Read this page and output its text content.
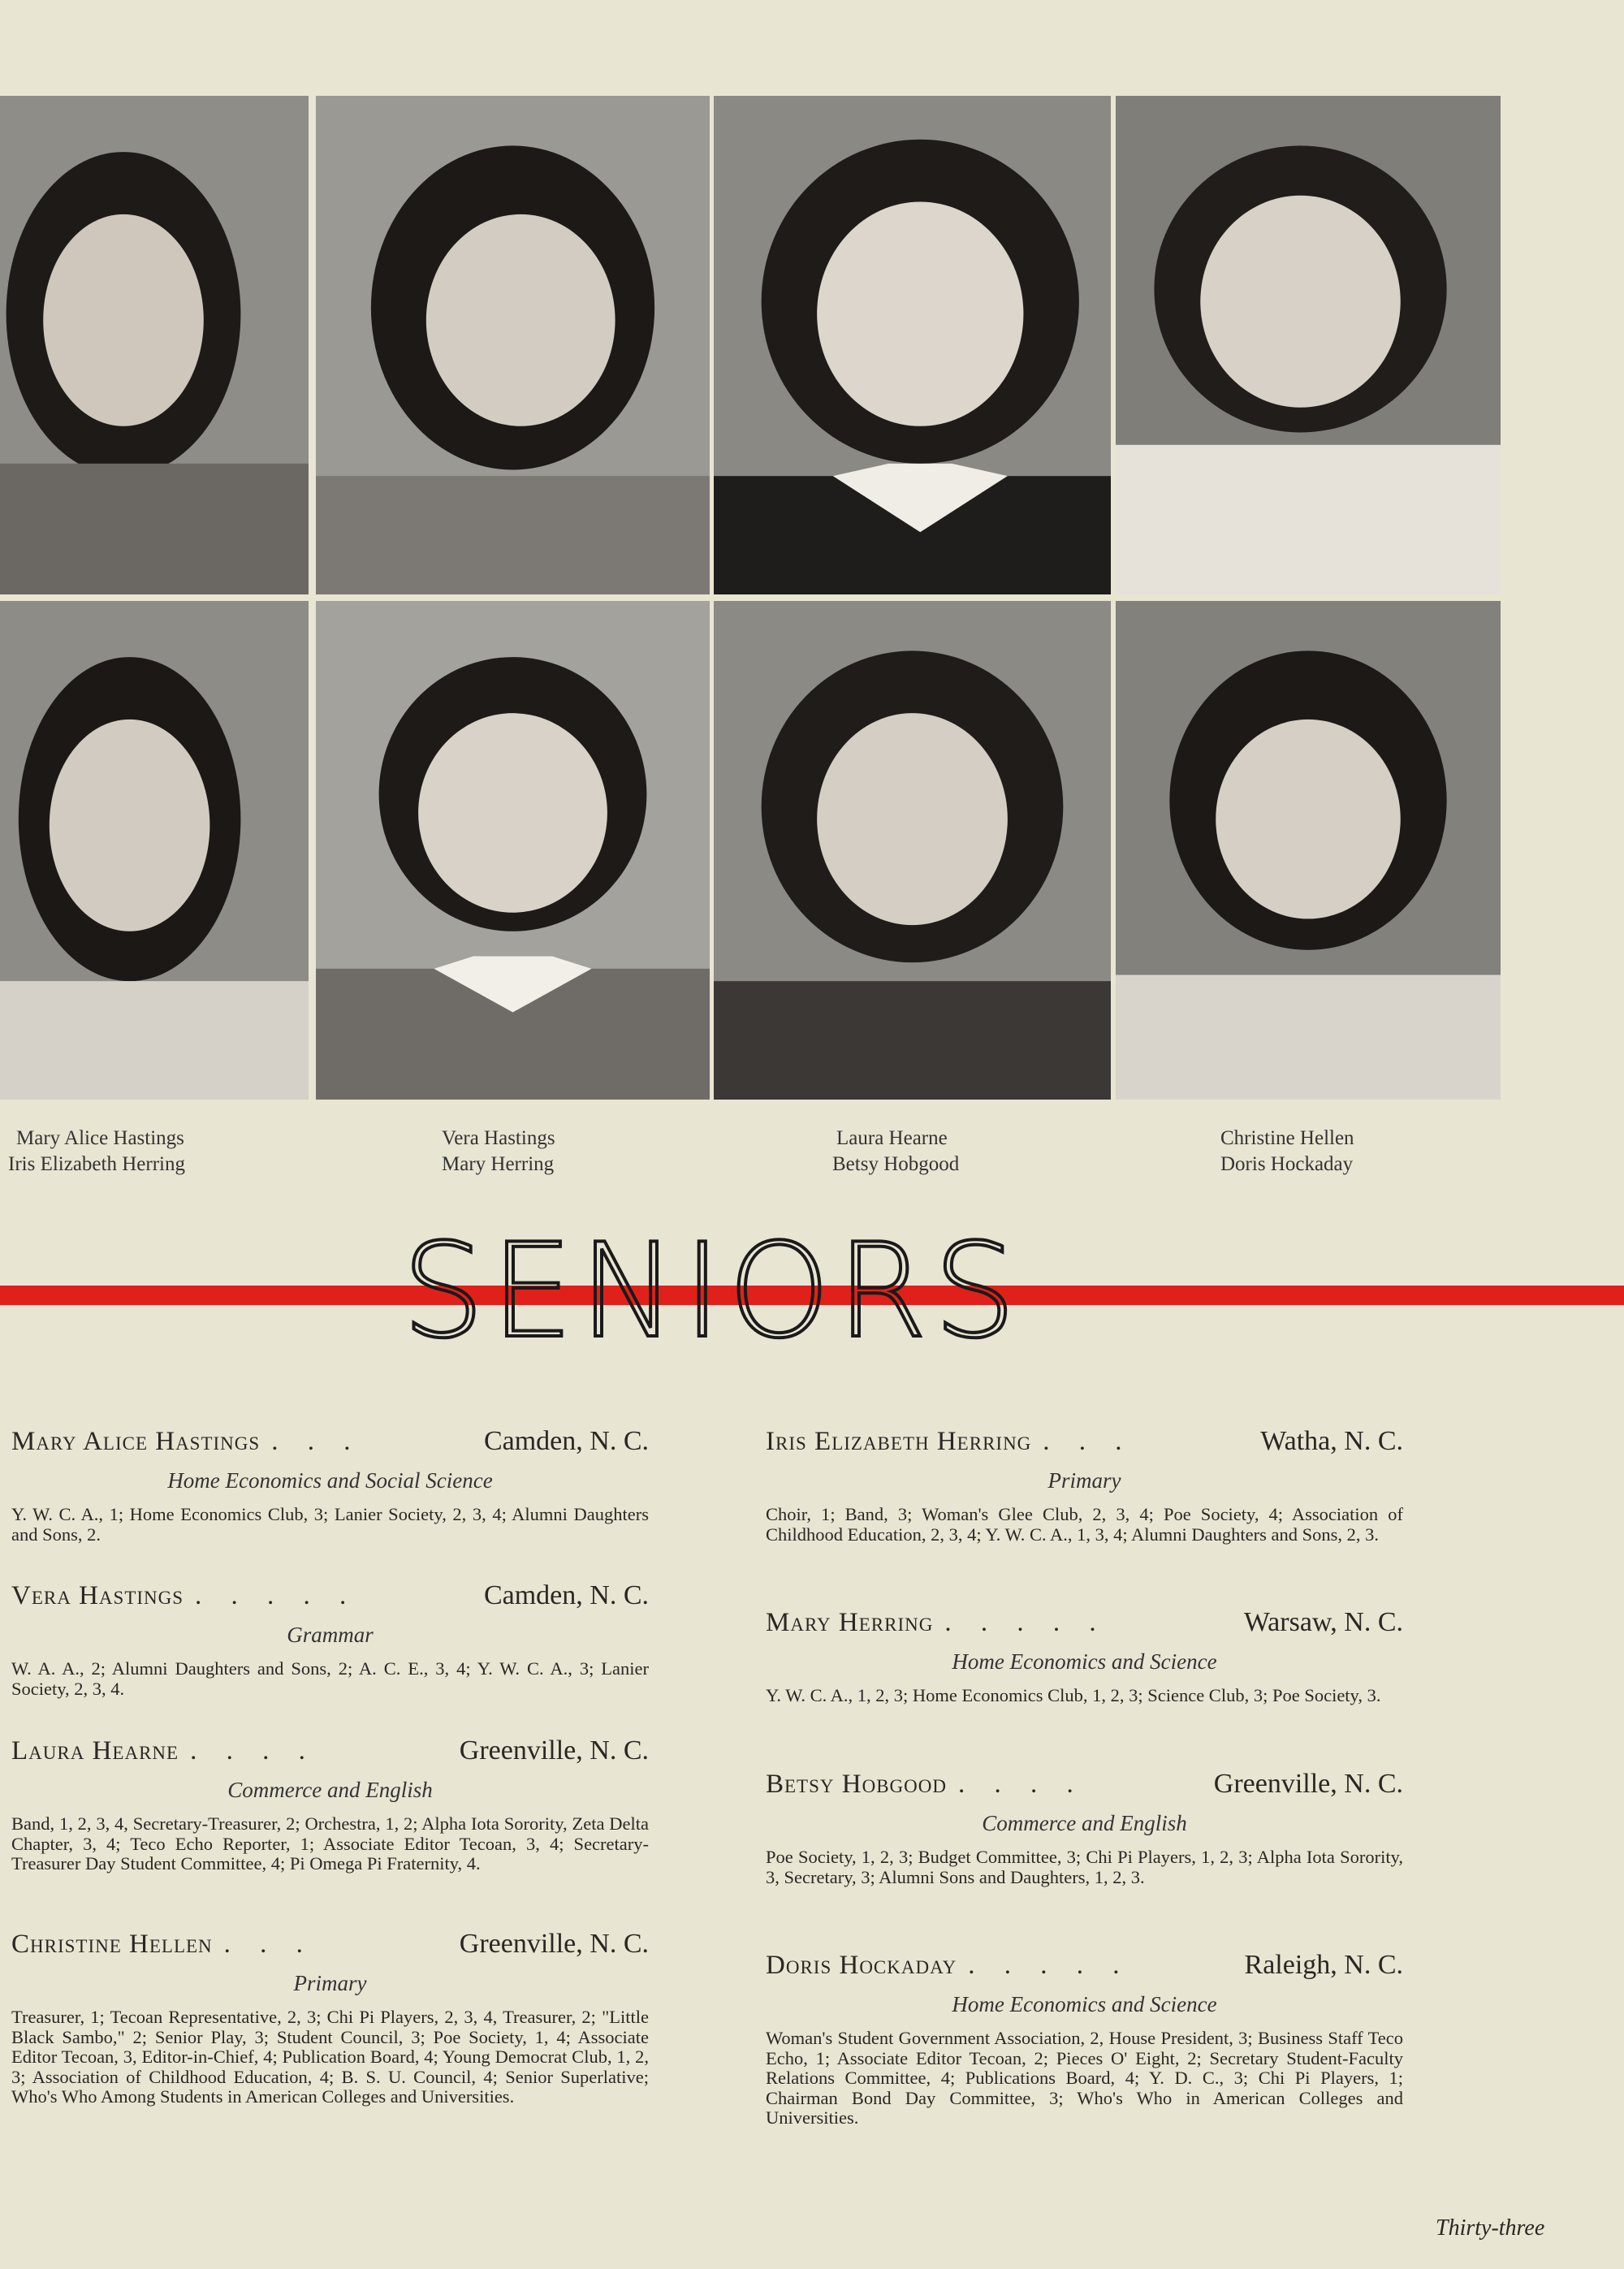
Mary Alice Hastings
Iris Elizabeth Herring
Vera Hastings
Mary Herring
Laura Hearne
Betsy Hobgood
Christine Hellen
Doris Hockaday
SENIORS
Mary Alice Hastings . . .	Camden, N. C.
Home Economics and Social Science
Y. W. C. A., 1; Home Economics Club, 3; Lanier Society, 2, 3, 4; Alumni Daughters and Sons, 2.
Vera Hastings . . . . .	Camden, N. C.
Grammar
W. A. A., 2; Alumni Daughters and Sons, 2; A. C. E., 3, 4; Y. W. C. A., 3; Lanier Society, 2, 3, 4.
Laura Hearne . . . .	Greenville, N. C.
Commerce and English
Band, 1, 2, 3, 4, Secretary-Treasurer, 2; Orchestra, 1, 2; Alpha Iota Sorority, Zeta Delta Chapter, 3, 4; Teco Echo Reporter, 1; Associate Editor Tecoan, 3, 4; Secretary-Treasurer Day Student Committee, 4; Pi Omega Pi Fraternity, 4.
Christine Hellen . . .	Greenville, N. C.
Primary
Treasurer, 1; Tecoan Representative, 2, 3; Chi Pi Players, 2, 3, 4, Treasurer, 2; "Little Black Sambo," 2; Senior Play, 3; Student Council, 3; Poe Society, 1, 4; Associate Editor Tecoan, 3, Editor-in-Chief, 4; Publication Board, 4; Young Democrat Club, 1, 2, 3; Association of Childhood Education, 4; B. S. U. Council, 4; Senior Superlative; Who's Who Among Students in American Colleges and Universities.
Iris Elizabeth Herring . . .	Watha, N. C.
Primary
Choir, 1; Band, 3; Woman's Glee Club, 2, 3, 4; Poe Society, 4; Association of Childhood Education, 2, 3, 4; Y. W. C. A., 1, 3, 4; Alumni Daughters and Sons, 2, 3.
Mary Herring . . . . .	Warsaw, N. C.
Home Economics and Science
Y. W. C. A., 1, 2, 3; Home Economics Club, 1, 2, 3; Science Club, 3; Poe Society, 3.
Betsy Hobgood . . . .	Greenville, N. C.
Commerce and English
Poe Society, 1, 2, 3; Budget Committee, 3; Chi Pi Players, 1, 2, 3; Alpha Iota Sorority, 3, Secretary, 3; Alumni Sons and Daughters, 1, 2, 3.
Doris Hockaday . . . . .	Raleigh, N. C.
Home Economics and Science
Woman's Student Government Association, 2, House President, 3; Business Staff Teco Echo, 1; Associate Editor Tecoan, 2; Pieces O' Eight, 2; Secretary Student-Faculty Relations Committee, 4; Publications Board, 4; Y. D. C., 3; Chi Pi Players, 1; Chairman Bond Day Committee, 3; Who's Who in American Colleges and Universities.
Thirty-three
